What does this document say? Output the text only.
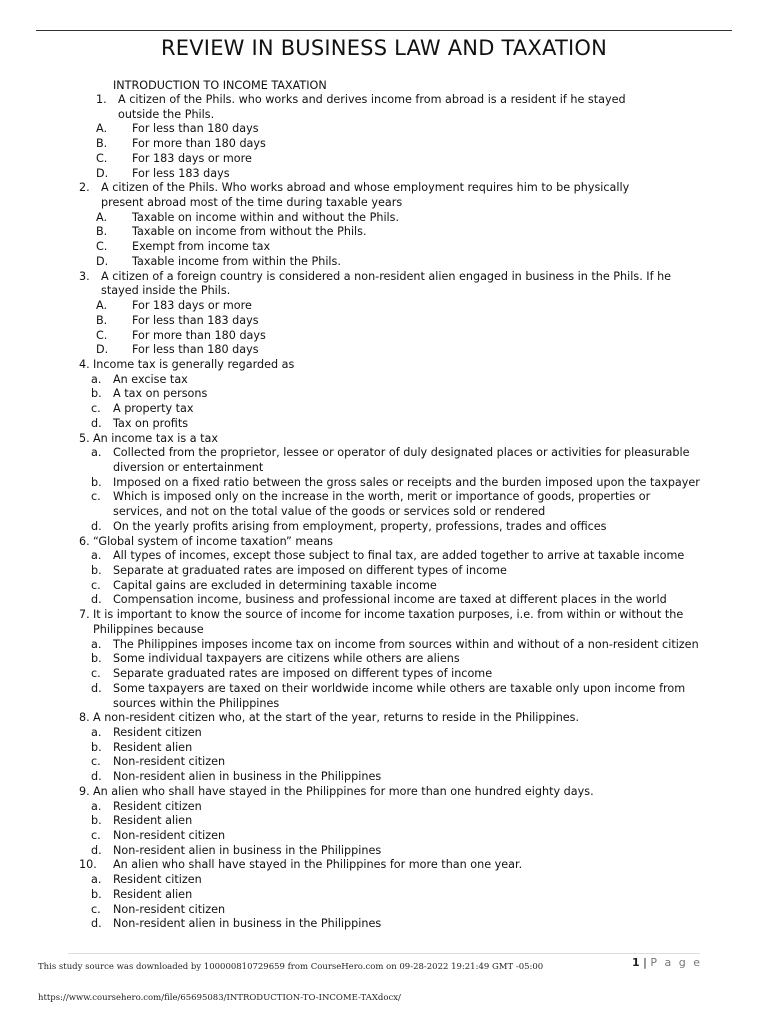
REVIEW IN BUSINESS LAW AND TAXATION
INTRODUCTION TO INCOME TAXATION
1. A citizen of the Phils. who works and derives income from abroad is a resident if he stayed
outside the Phils.
A. For less than 180 days
B. For more than 180 days
C. For 183 days or more
D. For less 183 days
2. A citizen of the Phils. Who works abroad and whose employment requires him to be physically
present abroad most of the time during taxable years
A. Taxable on income within and without the Phils.
B. Taxable on income from without the Phils.
C. Exempt from income tax
D. Taxable income from within the Phils.
3. A citizen of a foreign country is considered a non-resident alien engaged in business in the Phils. If he
stayed inside the Phils.
A. For 183 days or more
B. For less than 183 days
C. For more than 180 days
D. For less than 180 days
4. Income tax is generally regarded as
a. An excise tax
b. A tax on persons
c. A property tax
d. Tax on profits
5. An income tax is a tax
a. Collected from the proprietor, lessee or operator of duly designated places or activities for pleasurable
diversion or entertainment
b. Imposed on a fixed ratio between the gross sales or receipts and the burden imposed upon the taxpayer
c. Which is imposed only on the increase in the worth, merit or importance of goods, properties or
services, and not on the total value of the goods or services sold or rendered
d. On the yearly profits arising from employment, property, professions, trades and offices
6. “Global system of income taxation” means
a. All types of incomes, except those subject to final tax, are added together to arrive at taxable income
b. Separate at graduated rates are imposed on different types of income
c. Capital gains are excluded in determining taxable income
d. Compensation income, business and professional income are taxed at different places in the world
7. It is important to know the source of income for income taxation purposes, i.e. from within or without the
Philippines because
a. The Philippines imposes income tax on income from sources within and without of a non-resident citizen
b. Some individual taxpayers are citizens while others are aliens
c. Separate graduated rates are imposed on different types of income
d. Some taxpayers are taxed on their worldwide income while others are taxable only upon income from
sources within the Philippines
8. A non-resident citizen who, at the start of the year, returns to reside in the Philippines.
a. Resident citizen
b. Resident alien
c. Non-resident citizen
d. Non-resident alien in business in the Philippines
9. An alien who shall have stayed in the Philippines for more than one hundred eighty days.
a. Resident citizen
b. Resident alien
c. Non-resident citizen
d. Non-resident alien in business in the Philippines
10. An alien who shall have stayed in the Philippines for more than one year.
a. Resident citizen
b. Resident alien
c. Non-resident citizen
d. Non-resident alien in business in the Philippines
1 | P a g e
This study source was downloaded by 100000810729659 from CourseHero.com on 09-28-2022 19:21:49 GMT -05:00
https://www.coursehero.com/file/65695083/INTRODUCTION-TO-INCOME-TAXdocx/
